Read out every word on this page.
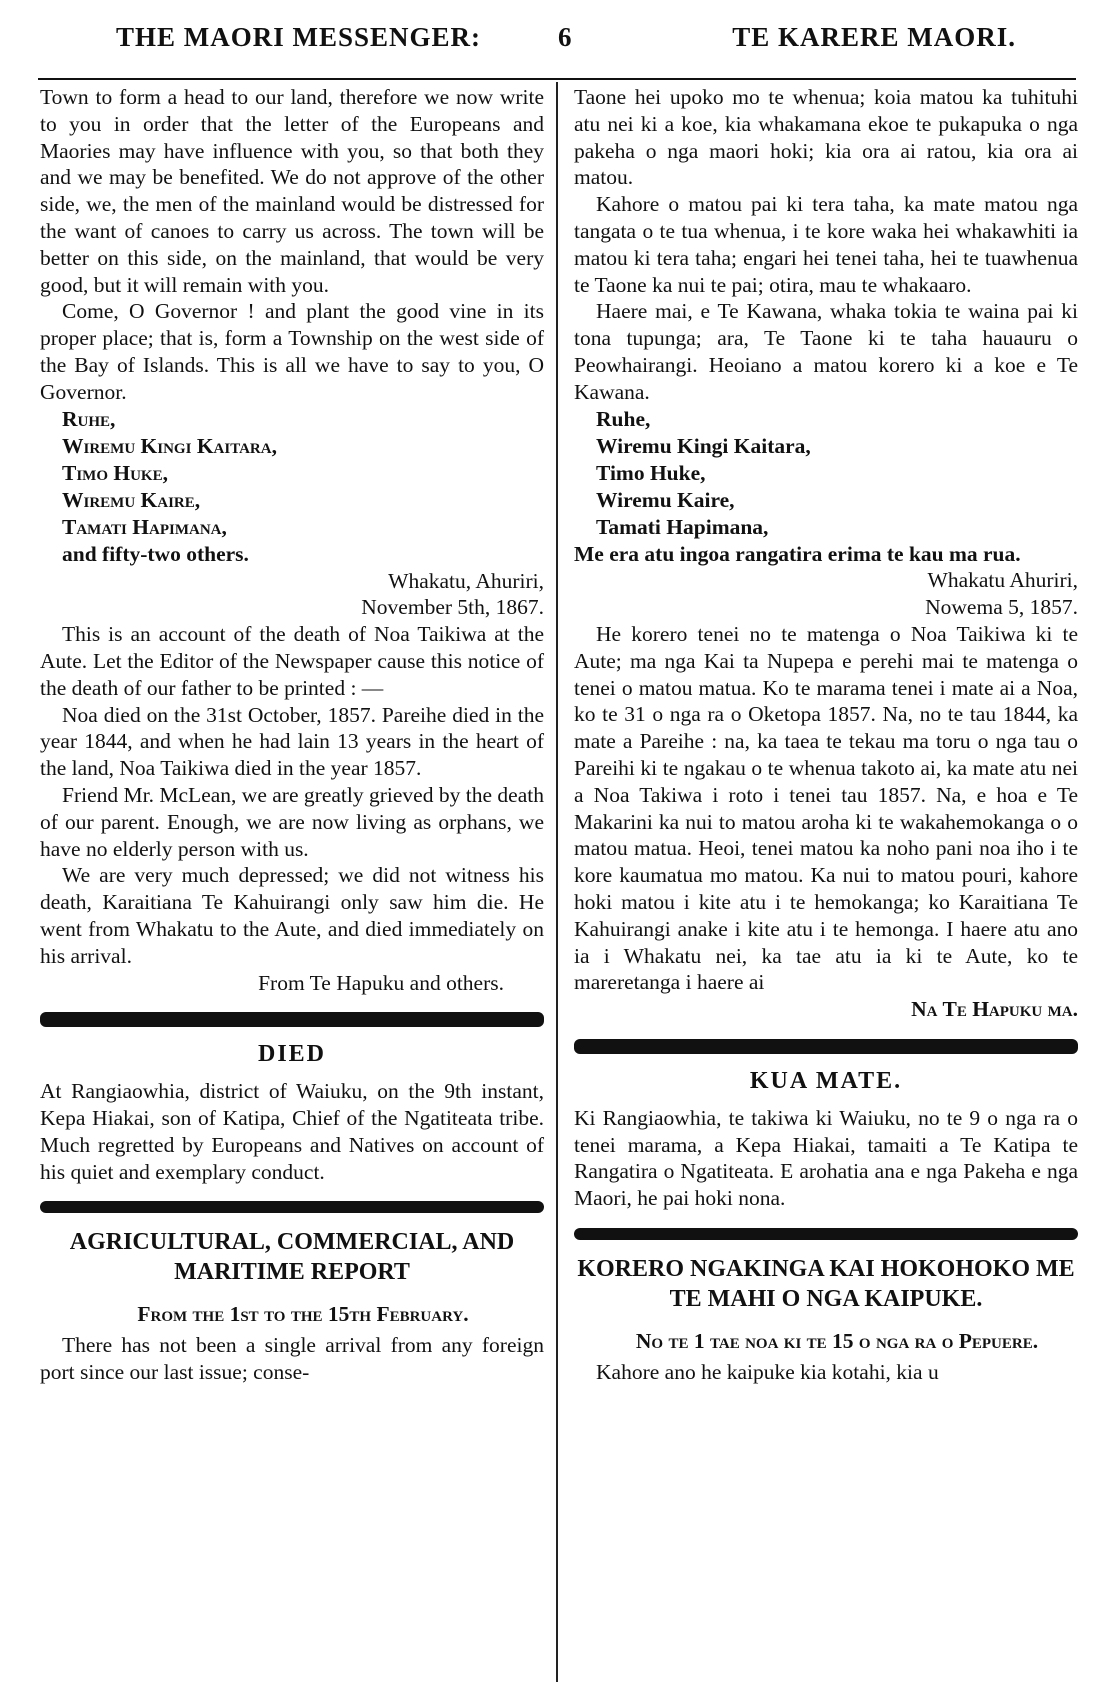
THE MAORI MESSENGER:	6	TE KARERE MAORI.

Town to form a head to our land, therefore we now write to you in order that the letter of the Europeans and Maories may have influence with you, so that both they and we may be benefited. We do not approve of the other side, we, the men of the mainland would be distressed for the want of canoes to carry us across. The town will be better on this side, on the mainland, that would be very good, but it will remain with you.

Come, O Governor ! and plant the good vine in its proper place; that is, form a Township on the west side of the Bay of Islands. This is all we have to say to you, O Governor.

Ruhe,

Wiremu Kingi Kaitara,

Timo Huke,

Wiremu Kaire,

Tamati Hapimana,

and fifty-two others.

Whakatu, Ahuriri,

November 5th, 1867.

This is an account of the death of Noa Taikiwa at the Aute. Let the Editor of the Newspaper cause this notice of the death of our father to be printed : —

Noa died on the 31st October, 1857. Pareihe died in the year 1844, and when he had lain 13 years in the heart of the land, Noa Taikiwa died in the year 1857.

Friend Mr. McLean, we are greatly grieved by the death of our parent. Enough, we are now living as orphans, we have no elderly person with us.

We are very much depressed; we did not witness his death, Karaitiana Te Kahuirangi only saw him die. He went from Whakatu to the Aute, and died immediately on his arrival.

From Te Hapuku and others.

DIED

At Rangiaowhia, district of Waiuku, on the 9th instant, Kepa Hiakai, son of Katipa, Chief of the Ngatiteata tribe. Much regretted by Europeans and Natives on account of his quiet and exemplary conduct.

AGRICULTURAL, COMMERCIAL, AND MARITIME REPORT

From the 1st to the 15th February.

There has not been a single arrival from any foreign port since our last issue; conse-

Taone hei upoko mo te whenua; koia matou ka tuhituhi atu nei ki a koe, kia whakamana ekoe te pukapuka o nga pakeha o nga maori hoki; kia ora ai ratou, kia ora ai matou.

Kahore o matou pai ki tera taha, ka mate matou nga tangata o te tua whenua, i te kore waka hei whakawhiti ia matou ki tera taha; engari hei tenei taha, hei te tuawhenua te Taone ka nui te pai; otira, mau te whakaaro.

Haere mai, e Te Kawana, whaka tokia te waina pai ki tona tupunga; ara, Te Taone ki te taha hauauru o Peowhairangi. Heoiano a matou korero ki a koe e Te Kawana.

Ruhe,

Wiremu Kingi Kaitara,

Timo Huke,

Wiremu Kaire,

Tamati Hapimana,

Me era atu ingoa rangatira erima te kau ma rua.

Whakatu Ahuriri,

Nowema 5, 1857.

He korero tenei no te matenga o Noa Taikiwa ki te Aute; ma nga Kai ta Nupepa e perehi mai te matenga o tenei o matou matua. Ko te marama tenei i mate ai a Noa, ko te 31 o nga ra o Oketopa 1857. Na, no te tau 1844, ka mate a Pareihe : na, ka taea te tekau ma toru o nga tau o Pareihi ki te ngakau o te whenua takoto ai, ka mate atu nei a Noa Takiwa i roto i tenei tau 1857. Na, e hoa e Te Makarini ka nui to matou aroha ki te wakahemokanga o o matou matua. Heoi, tenei matou ka noho pani noa iho i te kore kaumatua mo matou. Ka nui to matou pouri, kahore hoki matou i kite atu i te hemokanga; ko Karaitiana Te Kahuirangi anake i kite atu i te hemonga. I haere atu ano ia i Whakatu nei, ka tae atu ia ki te Aute, ko te mareretanga i haere ai

Na Te Hapuku ma.

KUA MATE.

Ki Rangiaowhia, te takiwa ki Waiuku, no te 9 o nga ra o tenei marama, a Kepa Hiakai, tamaiti a Te Katipa te Rangatira o Ngatiteata. E arohatia ana e nga Pakeha e nga Maori, he pai hoki nona.

KORERO NGAKINGA KAI HOKOHOKO ME TE MAHI O NGA KAIPUKE.

No te 1 tae noa ki te 15 o nga ra o Pepuere.

Kahore ano he kaipuke kia kotahi, kia u
